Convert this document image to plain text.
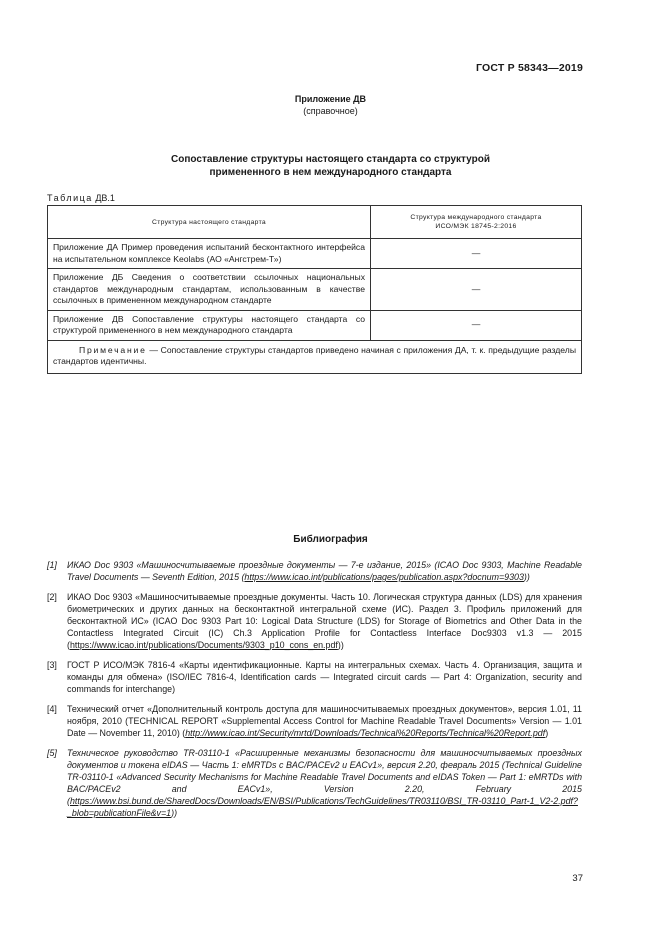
ГОСТ Р 58343—2019
Приложение ДВ
(справочное)
Сопоставление структуры настоящего стандарта со структурой
примененного в нем международного стандарта
Таблица ДВ.1
Структура настоящего стандарта	Структура международного стандарта
ИСО/МЭК 18745-2:2016

Приложение ДА Пример проведения испытаний бесконтактного интерфейса на испытательном комплексе Keolabs (АО «Ангстрем-Т»)	—
Приложение ДБ Сведения о соответствии ссылочных национальных стандартов международным стандартам, использованным в качестве ссылочных в примененном международном стандарте	—
Приложение ДВ Сопоставление структуры настоящего стандарта со структурой примененного в нем международного стандарта	—
Примечание — Сопоставление структуры стандартов приведено начиная с приложения ДА, т. к. предыдущие разделы стандартов идентичны.	
Библиография
[1]	ИКАО Doc 9303 «Машиносчитываемые проездные документы — 7-е издание, 2015» (ICAO Doc 9303, Machine Readable Travel Documents — Seventh Edition, 2015 (https://www.icao.int/publications/pages/publication.aspx?docnum=9303))
[2]	ИКАО Doc 9303 «Машиносчитываемые проездные документы. Часть 10. Логическая структура данных (LDS) для хранения биометрических и других данных на бесконтактной интегральной схеме (ИС). Раздел 3. Профиль приложений для бесконтактной ИС» (ICAO Doc 9303 Part 10: Logical Data Structure (LDS) for Storage of Biometrics and Other Data in the Contactless Integrated Circuit (IC) Ch.3 Application Profile for Contactless Interface Doc9303 v1.3 — 2015 (https://www.icao.int/publications/Documents/9303_p10_cons_en.pdf))
[3]	ГОСТ Р ИСО/МЭК 7816-4 «Карты идентификационные. Карты на интегральных схемах. Часть 4. Организация, защита и команды для обмена» (ISO/IEC 7816-4, Identification cards — Integrated circuit cards — Part 4: Organization, security and commands for interchange)
[4]	Технический отчет «Дополнительный контроль доступа для машиносчитываемых проездных документов», версия 1.01, 11 ноября, 2010 (TECHNICAL REPORT «Supplemental Access Control for Machine Readable Travel Documents» Version — 1.01 Date — November 11, 2010) (http://www.icao.int/Security/mrtd/Downloads/Technical%20Reports/Technical%20Report.pdf)
[5]	Техническое руководство TR-03110-1 «Расширенные механизмы безопасности для машиносчитываемых проездных документов и токена eIDAS — Часть 1: eMRTDs с BAC/PACEv2 и EACv1», версия 2.20, февраль 2015 (Technical Guideline TR-03110-1 «Advanced Security Mechanisms for Machine Readable Travel Documents and eIDAS Token — Part 1: eMRTDs with BAC/PACEv2 and EACv1», Version 2.20, February 2015 (https://www.bsi.bund.de/SharedDocs/Downloads/EN/BSI/Publications/TechGuidelines/TR03110/BSI_TR-03110_Part-1_V2-2.pdf?_blob=publicationFile&v=1))
37
